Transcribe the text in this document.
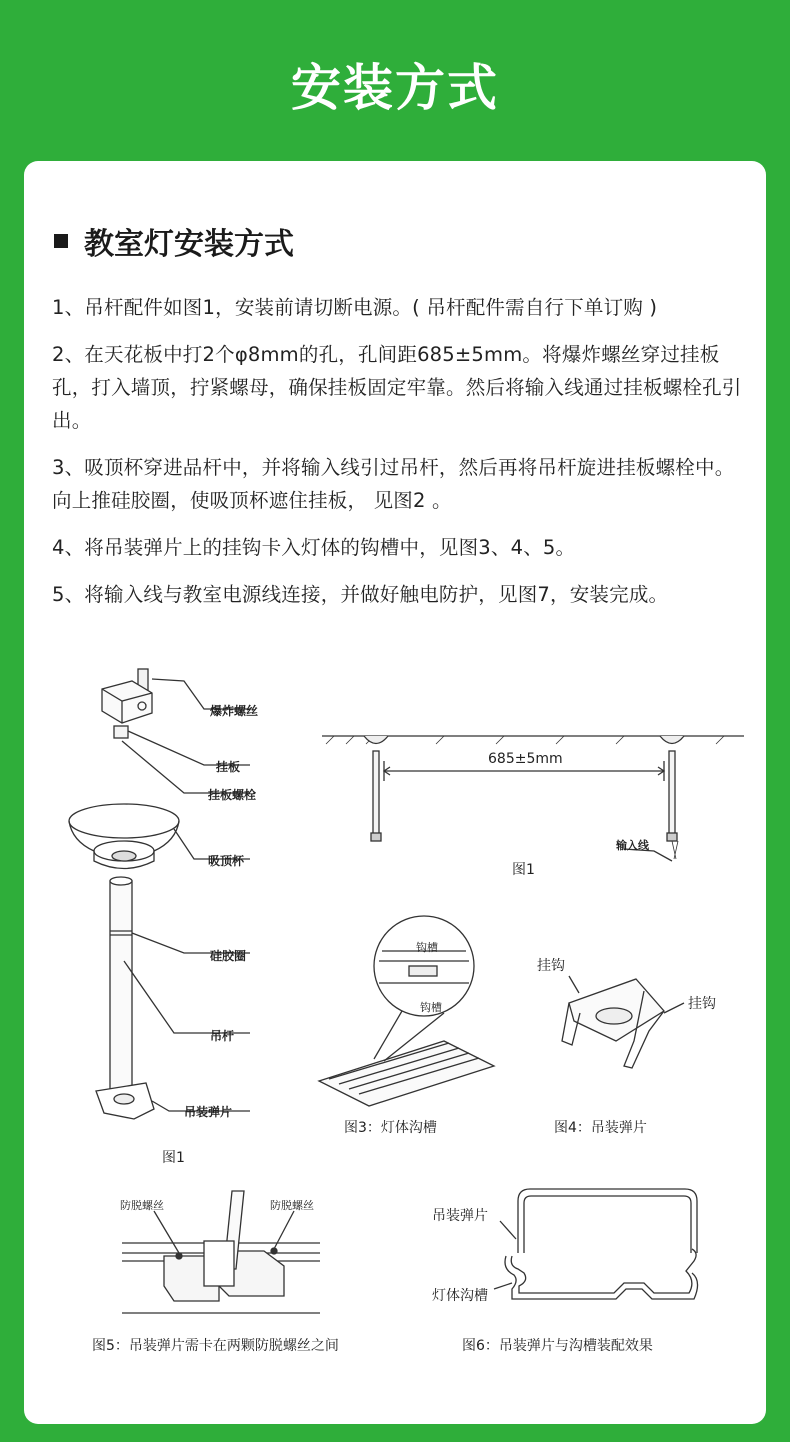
安装方式
教室灯安装方式

1、吊杆配件如图1，安装前请切断电源。( 吊杆配件需自行下单订购 )

2、在天花板中打2个φ8mm的孔，孔间距685±5mm。将爆炸螺丝穿过挂板孔，打入墙顶，拧紧螺母，确保挂板固定牢靠。然后将输入线通过挂板螺栓孔引出。

3、吸顶杯穿进品杆中，并将输入线引过吊杆，然后再将吊杆旋进挂板螺栓中。向上推硅胶圈，使吸顶杯遮住挂板， 见图2 。

4、将吊装弹片上的挂钩卡入灯体的钩槽中，见图3、4、5。

5、将输入线与教室电源线连接，并做好触电防护，见图7，安装完成。

爆炸螺丝
挂板
挂板螺栓
吸顶杯
硅胶圈
吊杆
吊装弹片
图1
685±5mm
输入线
图1
钩槽
钩槽
图3：灯体沟槽
挂钩
挂钩
图4：吊装弹片
防脱螺丝	防脱螺丝
图5：吊装弹片需卡在两颗防脱螺丝之间
吊装弹片
灯体沟槽
图6：吊装弹片与沟槽装配效果
